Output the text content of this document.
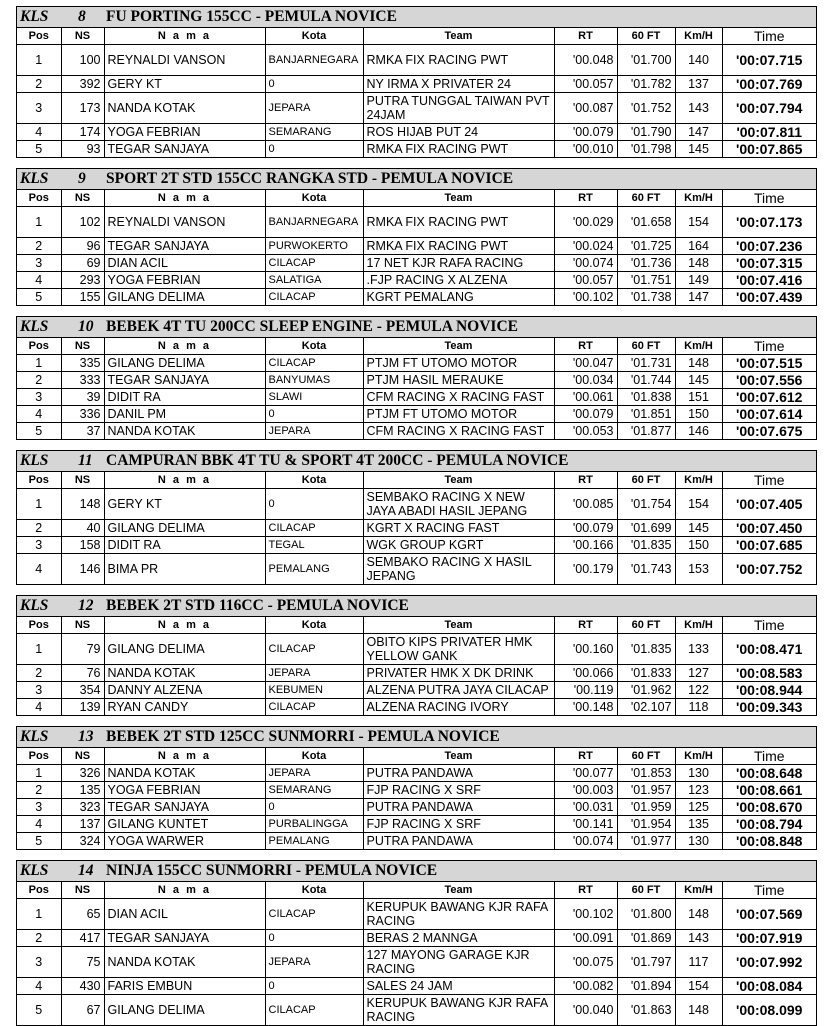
KLS 8 FU PORTING 155CC - PEMULA NOVICE
Pos	NS	N a m a	Kota	Team	RT	60 FT	Km/H	Time
1	100	REYNALDI VANSON	BANJARNEGARA	RMKA FIX RACING PWT	'00.048	'01.700	140	'00:07.715
2	392	GERY KT	0	NY IRMA X PRIVATER 24	'00.057	'01.782	137	'00:07.769
3	173	NANDA KOTAK	JEPARA	PUTRA TUNGGAL TAIWAN PVT 24JAM	'00.087	'01.752	143	'00:07.794
4	174	YOGA FEBRIAN	SEMARANG	ROS HIJAB PUT 24	'00.079	'01.790	147	'00:07.811
5	93	TEGAR SANJAYA	0	RMKA FIX RACING PWT	'00.010	'01.798	145	'00:07.865
KLS 9 SPORT 2T STD 155CC RANGKA STD - PEMULA NOVICE
Pos	NS	N a m a	Kota	Team	RT	60 FT	Km/H	Time
1	102	REYNALDI VANSON	BANJARNEGARA	RMKA FIX RACING PWT	'00.029	'01.658	154	'00:07.173
2	96	TEGAR SANJAYA	PURWOKERTO	RMKA FIX RACING PWT	'00.024	'01.725	164	'00:07.236
3	69	DIAN ACIL	CILACAP	17 NET KJR RAFA RACING	'00.074	'01.736	148	'00:07.315
4	293	YOGA FEBRIAN	SALATIGA	.FJP RACING X ALZENA	'00.057	'01.751	149	'00:07.416
5	155	GILANG DELIMA	CILACAP	KGRT PEMALANG	'00.102	'01.738	147	'00:07.439
KLS 10 BEBEK 4T TU 200CC SLEEP ENGINE - PEMULA NOVICE
Pos	NS	N a m a	Kota	Team	RT	60 FT	Km/H	Time
1	335	GILANG DELIMA	CILACAP	PTJM FT UTOMO MOTOR	'00.047	'01.731	148	'00:07.515
2	333	TEGAR SANJAYA	BANYUMAS	PTJM HASIL MERAUKE	'00.034	'01.744	145	'00:07.556
3	39	DIDIT RA	SLAWI	CFM RACING X RACING FAST	'00.061	'01.838	151	'00:07.612
4	336	DANIL PM	0	PTJM FT UTOMO MOTOR	'00.079	'01.851	150	'00:07.614
5	37	NANDA KOTAK	JEPARA	CFM RACING X RACING FAST	'00.053	'01.877	146	'00:07.675
KLS 11 CAMPURAN BBK 4T TU & SPORT 4T 200CC - PEMULA NOVICE
Pos	NS	N a m a	Kota	Team	RT	60 FT	Km/H	Time
1	148	GERY KT	0	SEMBAKO RACING X NEW JAYA ABADI HASIL JEPANG	'00.085	'01.754	154	'00:07.405
2	40	GILANG DELIMA	CILACAP	KGRT X RACING FAST	'00.079	'01.699	145	'00:07.450
3	158	DIDIT RA	TEGAL	WGK GROUP KGRT	'00.166	'01.835	150	'00:07.685
4	146	BIMA PR	PEMALANG	SEMBAKO RACING X HASIL JEPANG	'00.179	'01.743	153	'00:07.752
KLS 12 BEBEK 2T STD 116CC - PEMULA NOVICE
Pos	NS	N a m a	Kota	Team	RT	60 FT	Km/H	Time
1	79	GILANG DELIMA	CILACAP	OBITO KIPS PRIVATER HMK YELLOW GANK	'00.160	'01.835	133	'00:08.471
2	76	NANDA KOTAK	JEPARA	PRIVATER HMK X DK DRINK	'00.066	'01.833	127	'00:08.583
3	354	DANNY ALZENA	KEBUMEN	ALZENA PUTRA JAYA CILACAP	'00.119	'01.962	122	'00:08.944
4	139	RYAN CANDY	CILACAP	ALZENA RACING IVORY	'00.148	'02.107	118	'00:09.343
KLS 13 BEBEK 2T STD 125CC SUNMORRI - PEMULA NOVICE
Pos	NS	N a m a	Kota	Team	RT	60 FT	Km/H	Time
1	326	NANDA KOTAK	JEPARA	PUTRA PANDAWA	'00.077	'01.853	130	'00:08.648
2	135	YOGA FEBRIAN	SEMARANG	FJP RACING X SRF	'00.003	'01.957	123	'00:08.661
3	323	TEGAR SANJAYA	0	PUTRA PANDAWA	'00.031	'01.959	125	'00:08.670
4	137	GILANG KUNTET	PURBALINGGA	FJP RACING X SRF	'00.141	'01.954	135	'00:08.794
5	324	YOGA WARWER	PEMALANG	PUTRA PANDAWA	'00.074	'01.977	130	'00:08.848
KLS 14 NINJA 155CC SUNMORRI - PEMULA NOVICE
Pos	NS	N a m a	Kota	Team	RT	60 FT	Km/H	Time
1	65	DIAN ACIL	CILACAP	KERUPUK BAWANG KJR RAFA RACING	'00.102	'01.800	148	'00:07.569
2	417	TEGAR SANJAYA	0	BERAS 2 MANNGA	'00.091	'01.869	143	'00:07.919
3	75	NANDA KOTAK	JEPARA	127 MAYONG GARAGE KJR RACING	'00.075	'01.797	117	'00:07.992
4	430	FARIS EMBUN	0	SALES 24 JAM	'00.082	'01.894	154	'00:08.084
5	67	GILANG DELIMA	CILACAP	KERUPUK BAWANG KJR RAFA RACING	'00.040	'01.863	148	'00:08.099
